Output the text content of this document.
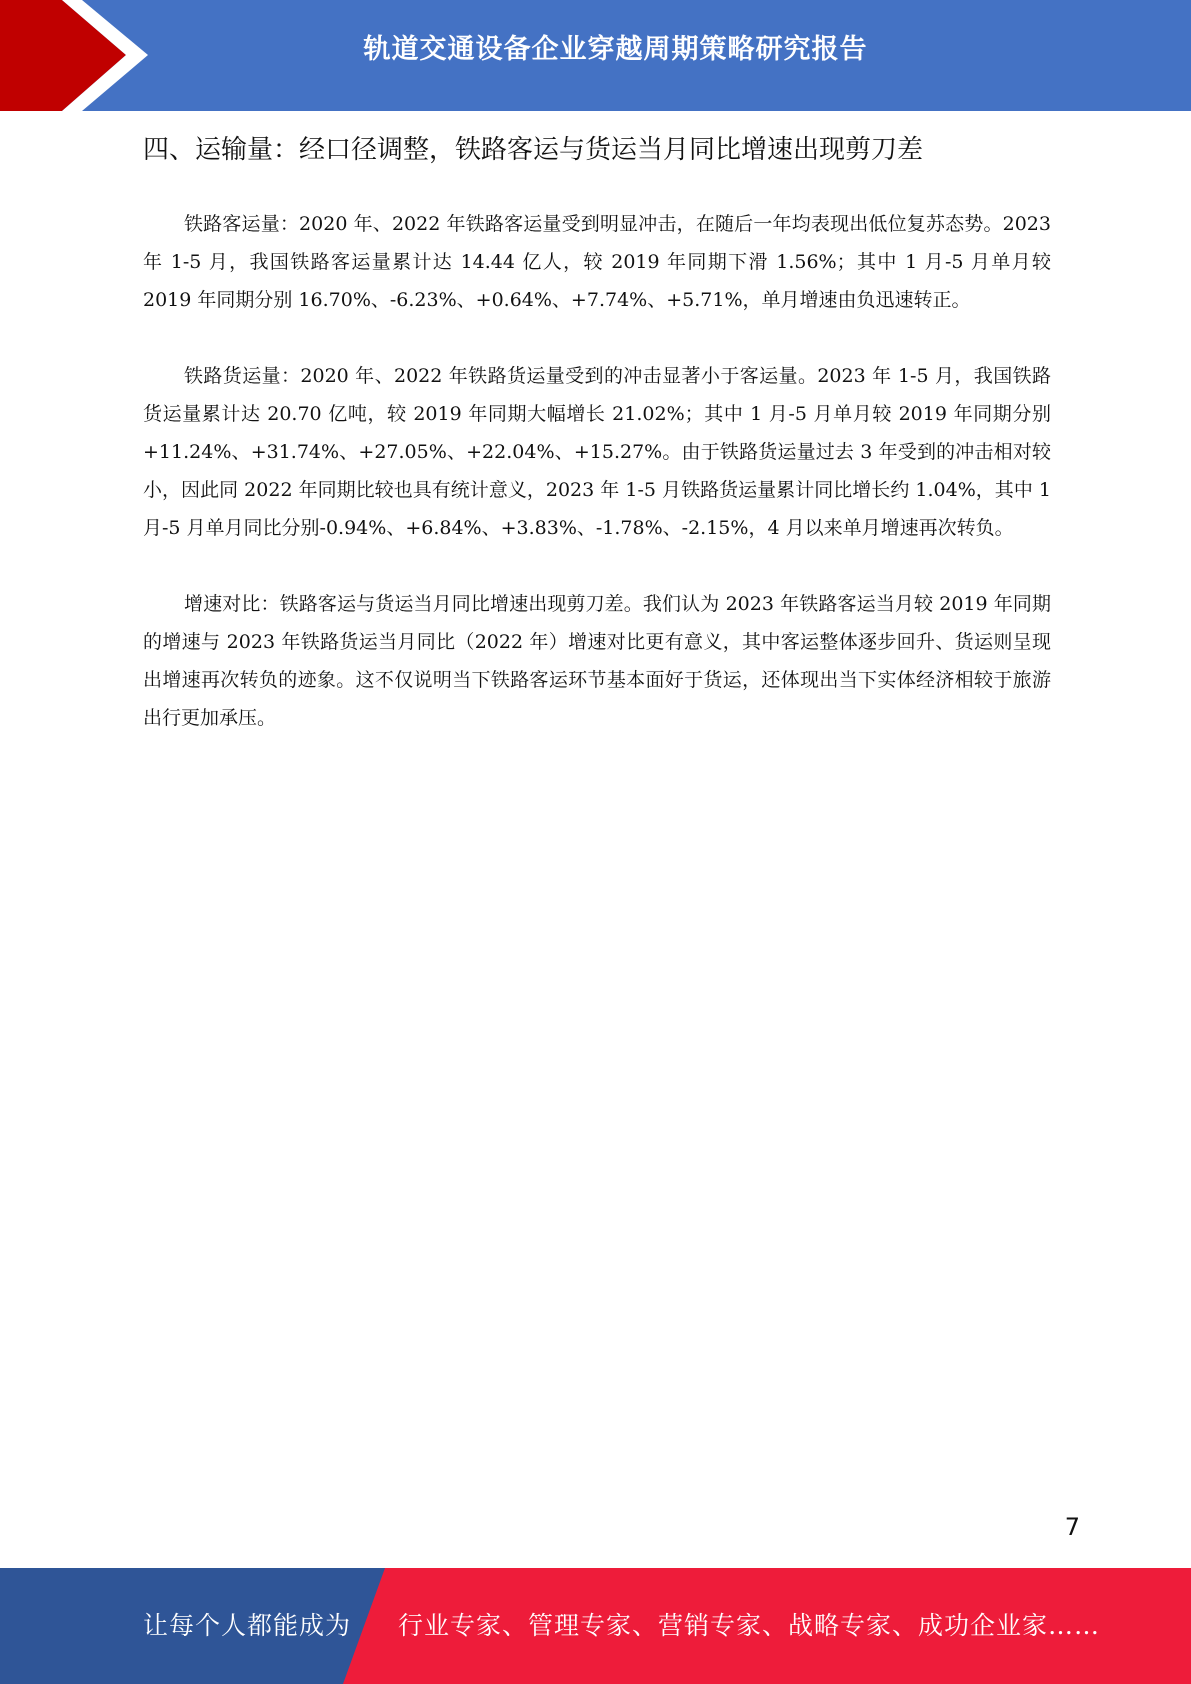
轨道交通设备企业穿越周期策略研究报告
四、运输量：经口径调整，铁路客运与货运当月同比增速出现剪刀差

铁路客运量：2020 年、2022 年铁路客运量受到明显冲击，在随后一年均表现出低位复苏态势。2023 年 1-5 月，我国铁路客运量累计达 14.44 亿人，较 2019 年同期下滑 1.56%；其中 1 月-5 月单月较 2019 年同期分别 16.70%、-6.23%、+0.64%、+7.74%、+5.71%，单月增速由负迅速转正。

铁路货运量：2020 年、2022 年铁路货运量受到的冲击显著小于客运量。2023 年 1-5 月，我国铁路货运量累计达 20.70 亿吨，较 2019 年同期大幅增长 21.02%；其中 1 月-5 月单月较 2019 年同期分别+11.24%、+31.74%、+27.05%、+22.04%、+15.27%。由于铁路货运量过去 3 年受到的冲击相对较小，因此同 2022 年同期比较也具有统计意义，2023 年 1-5 月铁路货运量累计同比增长约 1.04%，其中 1 月-5 月单月同比分别-0.94%、+6.84%、+3.83%、-1.78%、-2.15%，4 月以来单月增速再次转负。

增速对比：铁路客运与货运当月同比增速出现剪刀差。我们认为 2023 年铁路客运当月较 2019 年同期的增速与 2023 年铁路货运当月同比（2022 年）增速对比更有意义，其中客运整体逐步回升、货运则呈现出增速再次转负的迹象。这不仅说明当下铁路客运环节基本面好于货运，还体现出当下实体经济相较于旅游出行更加承压。

7
让每个人都能成为 行业专家、管理专家、营销专家、战略专家、成功企业家……
